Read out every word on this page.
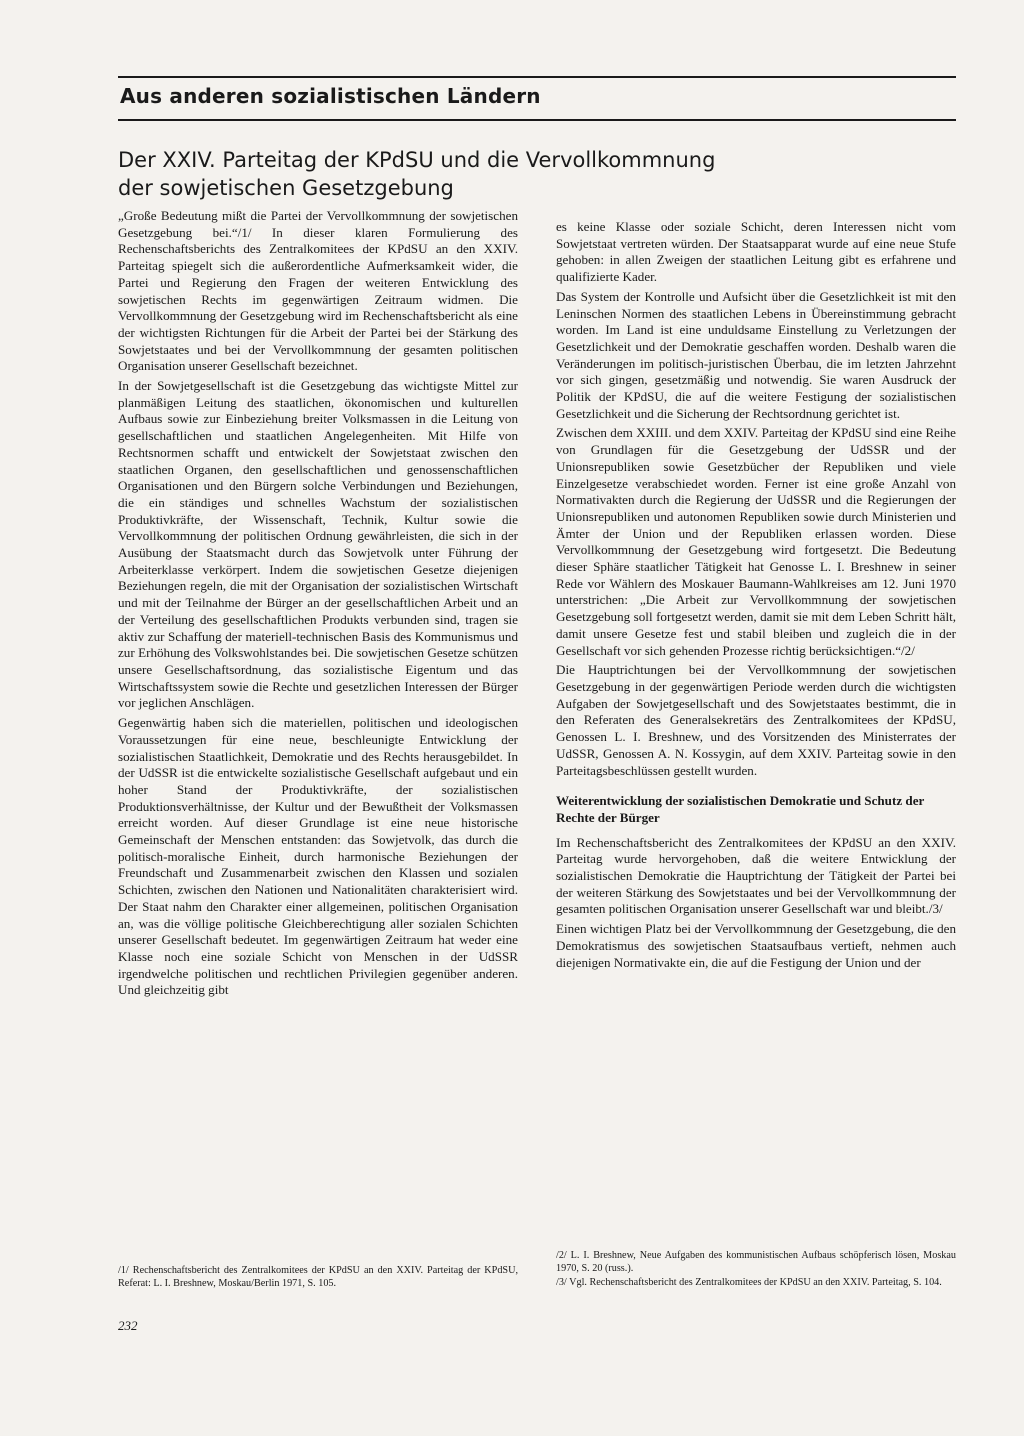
Aus anderen sozialistischen Ländern
Der XXIV. Parteitag der KPdSU und die Vervollkommnung
der sowjetischen Gesetzgebung

„Große Bedeutung mißt die Partei der Vervollkommnung der sowjetischen Gesetzgebung bei.“/1/ In dieser klaren Formulierung des Rechenschaftsberichts des Zentralkomitees der KPdSU an den XXIV. Parteitag spiegelt sich die außerordentliche Aufmerksamkeit wider, die Partei und Regierung den Fragen der weiteren Entwicklung des sowjetischen Rechts im gegenwärtigen Zeitraum widmen. Die Vervollkommnung der Gesetzgebung wird im Rechenschaftsbericht als eine der wichtigsten Richtungen für die Arbeit der Partei bei der Stärkung des Sowjetstaates und bei der Vervollkommnung der gesamten politischen Organisation unserer Gesellschaft bezeichnet.

In der Sowjetgesellschaft ist die Gesetzgebung das wichtigste Mittel zur planmäßigen Leitung des staatlichen, ökonomischen und kulturellen Aufbaus sowie zur Einbeziehung breiter Volksmassen in die Leitung von gesellschaftlichen und staatlichen Angelegenheiten. Mit Hilfe von Rechtsnormen schafft und entwickelt der Sowjetstaat zwischen den staatlichen Organen, den gesellschaftlichen und genossenschaftlichen Organisationen und den Bürgern solche Verbindungen und Beziehungen, die ein ständiges und schnelles Wachstum der sozialistischen Produktivkräfte, der Wissenschaft, Technik, Kultur sowie die Vervollkommnung der politischen Ordnung gewährleisten, die sich in der Ausübung der Staatsmacht durch das Sowjetvolk unter Führung der Arbeiterklasse verkörpert. Indem die sowjetischen Gesetze diejenigen Beziehungen regeln, die mit der Organisation der sozialistischen Wirtschaft und mit der Teilnahme der Bürger an der gesellschaftlichen Arbeit und an der Verteilung des gesellschaftlichen Produkts verbunden sind, tragen sie aktiv zur Schaffung der materiell-technischen Basis des Kommunismus und zur Erhöhung des Volkswohlstandes bei. Die sowjetischen Gesetze schützen unsere Gesellschaftsordnung, das sozialistische Eigentum und das Wirtschaftssystem sowie die Rechte und gesetzlichen Interessen der Bürger vor jeglichen Anschlägen.

Gegenwärtig haben sich die materiellen, politischen und ideologischen Voraussetzungen für eine neue, beschleunigte Entwicklung der sozialistischen Staatlichkeit, Demokratie und des Rechts herausgebildet. In der UdSSR ist die entwickelte sozialistische Gesellschaft aufgebaut und ein hoher Stand der Produktivkräfte, der sozialistischen Produktionsverhältnisse, der Kultur und der Bewußtheit der Volksmassen erreicht worden. Auf dieser Grundlage ist eine neue historische Gemeinschaft der Menschen entstanden: das Sowjetvolk, das durch die politisch-moralische Einheit, durch harmonische Beziehungen der Freundschaft und Zusammenarbeit zwischen den Klassen und sozialen Schichten, zwischen den Nationen und Nationalitäten charakterisiert wird. Der Staat nahm den Charakter einer allgemeinen, politischen Organisation an, was die völlige politische Gleichberechtigung aller sozialen Schichten unserer Gesellschaft bedeutet. Im gegenwärtigen Zeitraum hat weder eine Klasse noch eine soziale Schicht von Menschen in der UdSSR irgendwelche politischen und rechtlichen Privilegien gegenüber anderen. Und gleichzeitig gibt

es keine Klasse oder soziale Schicht, deren Interessen nicht vom Sowjetstaat vertreten würden. Der Staatsapparat wurde auf eine neue Stufe gehoben: in allen Zweigen der staatlichen Leitung gibt es erfahrene und qualifizierte Kader.

Das System der Kontrolle und Aufsicht über die Gesetzlichkeit ist mit den Leninschen Normen des staatlichen Lebens in Übereinstimmung gebracht worden. Im Land ist eine unduldsame Einstellung zu Verletzungen der Gesetzlichkeit und der Demokratie geschaffen worden. Deshalb waren die Veränderungen im politisch-juristischen Überbau, die im letzten Jahrzehnt vor sich gingen, gesetzmäßig und notwendig. Sie waren Ausdruck der Politik der KPdSU, die auf die weitere Festigung der sozialistischen Gesetzlichkeit und die Sicherung der Rechtsordnung gerichtet ist.

Zwischen dem XXIII. und dem XXIV. Parteitag der KPdSU sind eine Reihe von Grundlagen für die Gesetzgebung der UdSSR und der Unionsrepubliken sowie Gesetzbücher der Republiken und viele Einzelgesetze verabschiedet worden. Ferner ist eine große Anzahl von Normativakten durch die Regierung der UdSSR und die Regierungen der Unionsrepubliken und autonomen Republiken sowie durch Ministerien und Ämter der Union und der Republiken erlassen worden. Diese Vervollkommnung der Gesetzgebung wird fortgesetzt. Die Bedeutung dieser Sphäre staatlicher Tätigkeit hat Genosse L. I. Breshnew in seiner Rede vor Wählern des Moskauer Baumann-Wahlkreises am 12. Juni 1970 unterstrichen: „Die Arbeit zur Vervollkommnung der sowjetischen Gesetzgebung soll fortgesetzt werden, damit sie mit dem Leben Schritt hält, damit unsere Gesetze fest und stabil bleiben und zugleich die in der Gesellschaft vor sich gehenden Prozesse richtig berücksichtigen.“/2/

Die Hauptrichtungen bei der Vervollkommnung der sowjetischen Gesetzgebung in der gegenwärtigen Periode werden durch die wichtigsten Aufgaben der Sowjetgesellschaft und des Sowjetstaates bestimmt, die in den Referaten des Generalsekretärs des Zentralkomitees der KPdSU, Genossen L. I. Breshnew, und des Vorsitzenden des Ministerrates der UdSSR, Genossen A. N. Kossygin, auf dem XXIV. Parteitag sowie in den Parteitagsbeschlüssen gestellt wurden.

Weiterentwicklung der sozialistischen Demokratie und Schutz der Rechte der Bürger

Im Rechenschaftsbericht des Zentralkomitees der KPdSU an den XXIV. Parteitag wurde hervorgehoben, daß die weitere Entwicklung der sozialistischen Demokratie die Hauptrichtung der Tätigkeit der Partei bei der weiteren Stärkung des Sowjetstaates und bei der Vervollkommnung der gesamten politischen Organisation unserer Gesellschaft war und bleibt./3/

Einen wichtigen Platz bei der Vervollkommnung der Gesetzgebung, die den Demokratismus des sowjetischen Staatsaufbaus vertieft, nehmen auch diejenigen Normativakte ein, die auf die Festigung der Union und der

/1/ Rechenschaftsbericht des Zentralkomitees der KPdSU an den XXIV. Parteitag der KPdSU, Referat: L. I. Breshnew, Moskau/Berlin 1971, S. 105.

/2/ L. I. Breshnew, Neue Aufgaben des kommunistischen Aufbaus schöpferisch lösen, Moskau 1970, S. 20 (russ.).

/3/ Vgl. Rechenschaftsbericht des Zentralkomitees der KPdSU an den XXIV. Parteitag, S. 104.

232
